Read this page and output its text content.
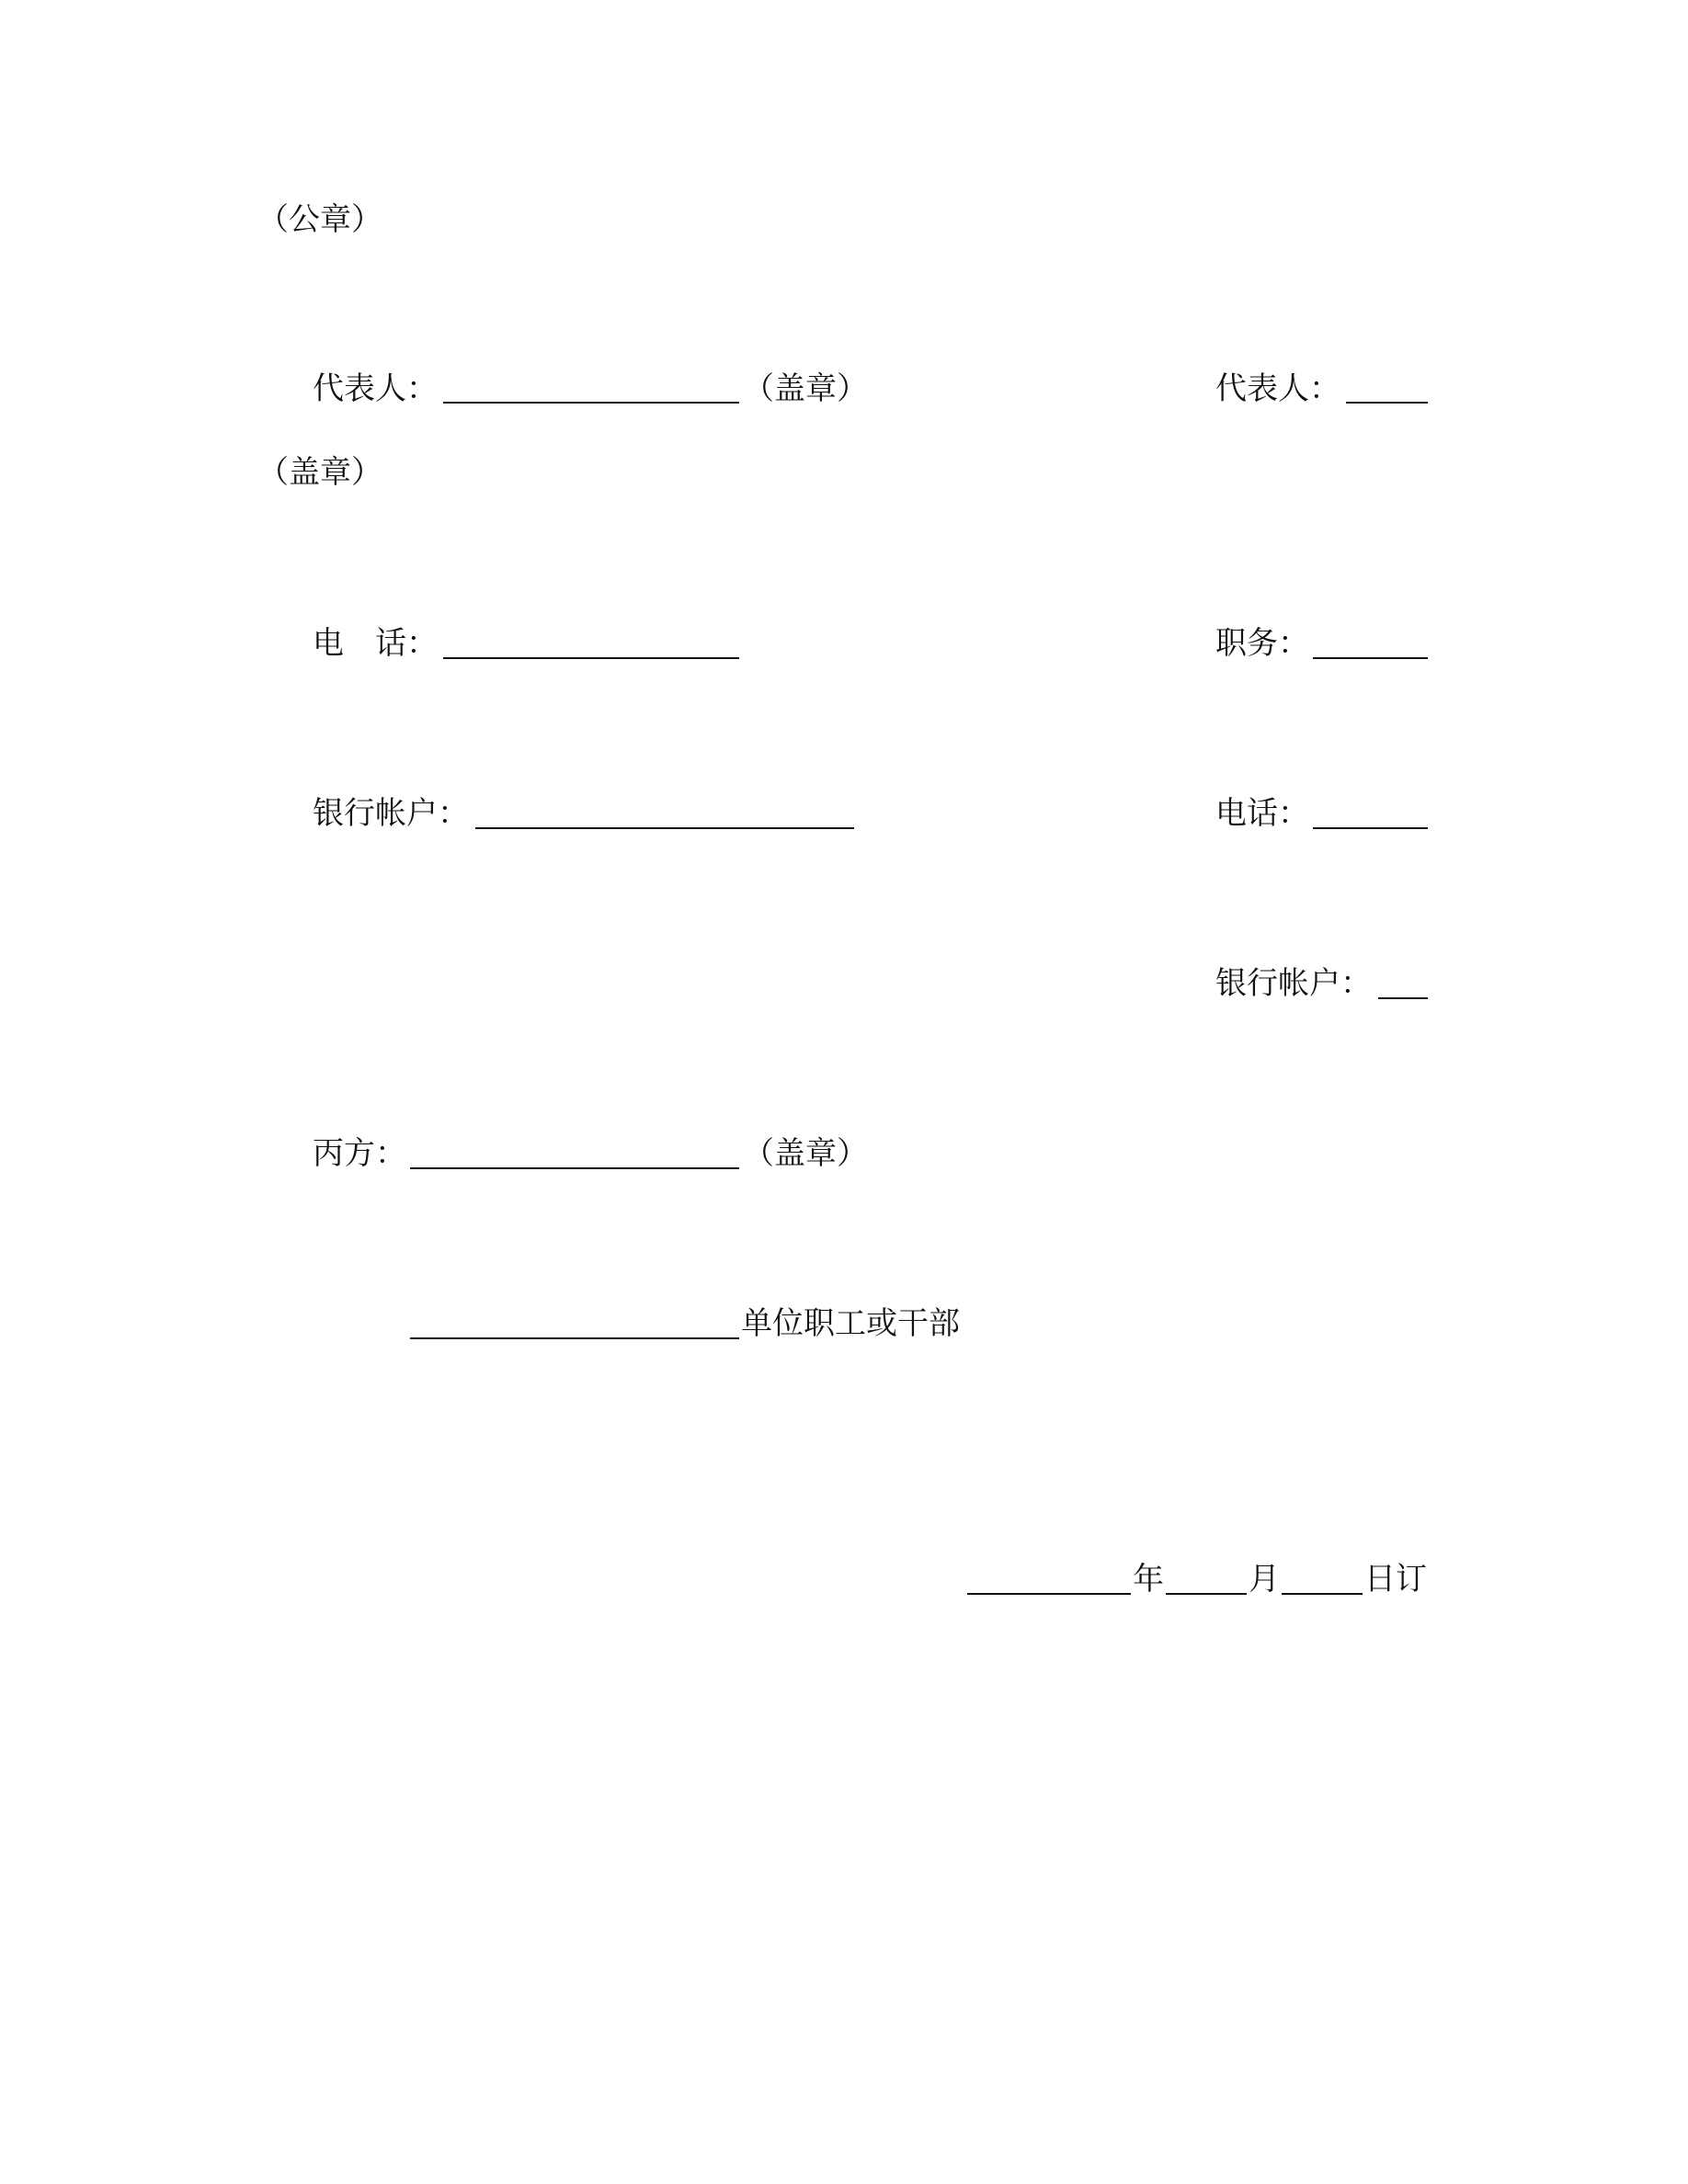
（公章）
代表人：	（盖章）	代表人：
（盖章）
电　话：	职务：
银行帐户：	电话：
银行帐户：
丙方：	（盖章）
单位职工或干部
年	月	日订
